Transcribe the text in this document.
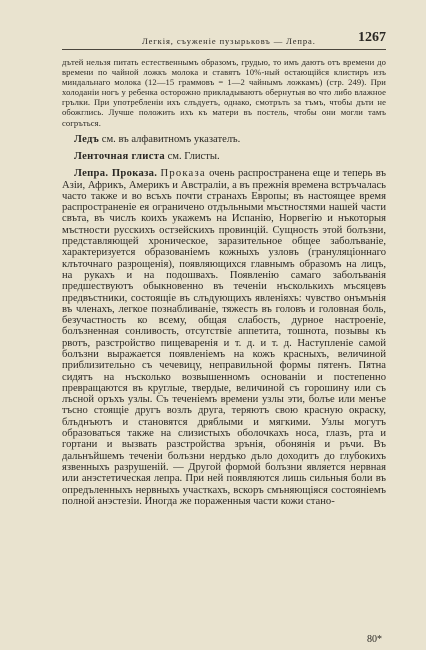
Легкія, съуженіе пузырьковъ — Лепра.	1267

дътей нельзя питать естественнымъ образомъ, грудью, то имъ даютъ отъ времени до времени по чайной ложкъ молока и ставятъ 10%-ный остающійся клистиръ изъ миндальнаго молока (12—15 граммовъ = 1—2 чайнымъ ложкамъ) (стр. 249). При холоданіи ногъ у ребенка осторожно прикладываютъ обернутыя во что либо влажное грълки. При употребленіи ихъ слъдуетъ, однако, смотръть за тъмъ, чтобы дъти не обожглись. Лучше положить ихъ къ матери въ постель, чтобы они могли тамъ согръться.

Ледъ см. въ алфавитномъ указателъ.

Ленточная глиста см. Глисты.

Лепра. Проказа. Проказа очень распространена еще и теперь въ Азіи, Африкъ, Америкъ и Австраліи, а въ прежнія времена встръчалась часто также и во всъхъ почти странахъ Европы; въ настоящее время распространеніе ея ограничено отдъльными мъстностями нашей части свъта, въ числъ коихъ укажемъ на Испанію, Норвегію и нъкоторыя мъстности русскихъ остзейскихъ провинцій. Сущность этой болъзни, представляющей хроническое, заразительное общее заболъваніе, характеризуется образованіемъ кожныхъ узловъ (грануляціоннаго клъточнаго разрощенія), появляющихся главнымъ образомъ на лицъ, на рукахъ и на подошвахъ. Появленію самаго заболъванія предшествуютъ обыкновенно въ теченіи нъсколькихъ мъсяцевъ предвъстники, состоящіе въ слъдующихъ явленіяхъ: чувство онъмънія въ членахъ, легкое познабливаніе, тяжесть въ головъ и головная боль, безучастность ко всему, общая слабость, дурное настроеніе, болъзненная сонливость, отсутствіе аппетита, тошнота, позывы къ рвотъ, разстройство пищеваренія и т. д. и т. д. Наступленіе самой болъзни выражается появленіемъ на кожъ красныхъ, величиной приблизительно съ чечевицу, неправильной формы пятенъ. Пятна сидятъ на нъсколько возвышенномъ основаніи и постепенно превращаются въ круглые, твердые, величиной съ горошину или съ лъсной оръхъ узлы. Съ теченіемъ времени узлы эти, болъе или менъе тъсно стоящіе другъ возлъ друга, теряютъ свою красную окраску, блъднъютъ и становятся дряблыми и мягкими. Узлы могутъ образоваться также на слизистыхъ оболочкахъ носа, глазъ, рта и гортани и вызвать разстройства зрънія, обонянія и ръчи. Въ дальнъйшемъ теченіи болъзни нердъко дъло доходитъ до глубокихъ язвенныхъ разрушеній. — Другой формой болъзни является нервная или анэстетическая лепра. При ней появляются лишь сильныя боли въ опредъленныхъ нервныхъ участкахъ, вскоръ смъняющіяся состояніемъ полной анэстезіи. Иногда же пораженныя части кожи стано-

80*
